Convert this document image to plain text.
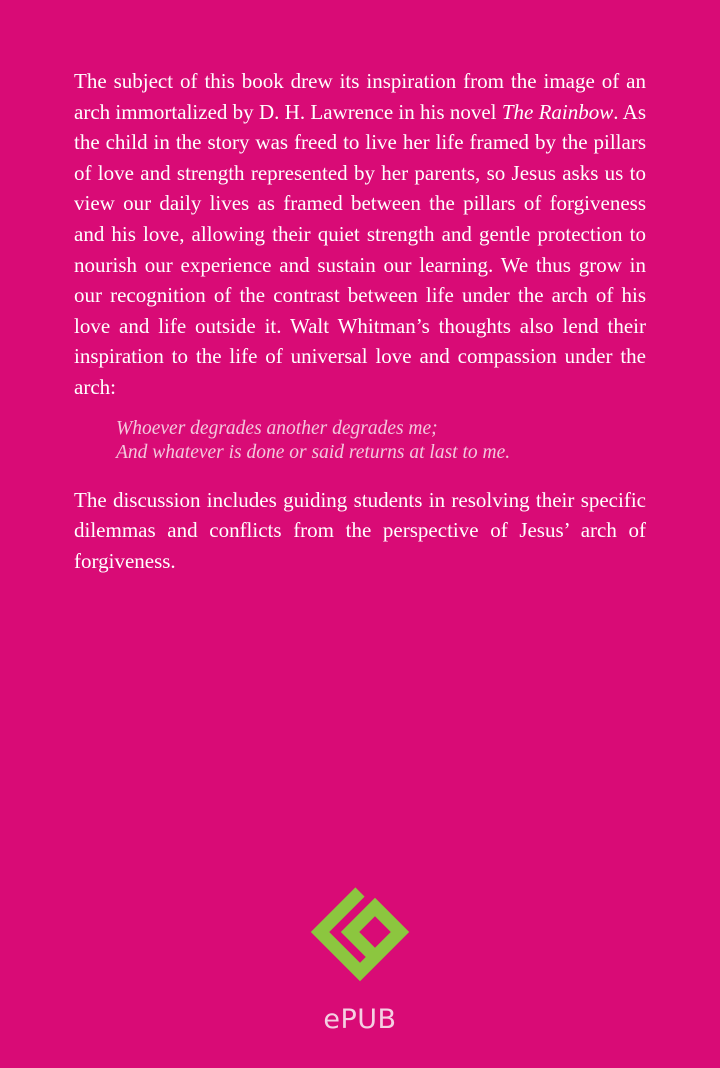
The subject of this book drew its inspiration from the image of an arch immortalized by D. H. Lawrence in his novel The Rainbow. As the child in the story was freed to live her life framed by the pillars of love and strength represented by her parents, so Jesus asks us to view our daily lives as framed between the pillars of forgiveness and his love, allowing their quiet strength and gentle protection to nourish our experience and sustain our learning. We thus grow in our recognition of the contrast between life under the arch of his love and life outside it. Walt Whitman’s thoughts also lend their inspiration to the life of universal love and compassion under the arch:

Whoever degrades another degrades me;
And whatever is done or said returns at last to me.

The discussion includes guiding students in resolving their specific dilemmas and conflicts from the perspective of Jesus’ arch of forgiveness.

ePUB
